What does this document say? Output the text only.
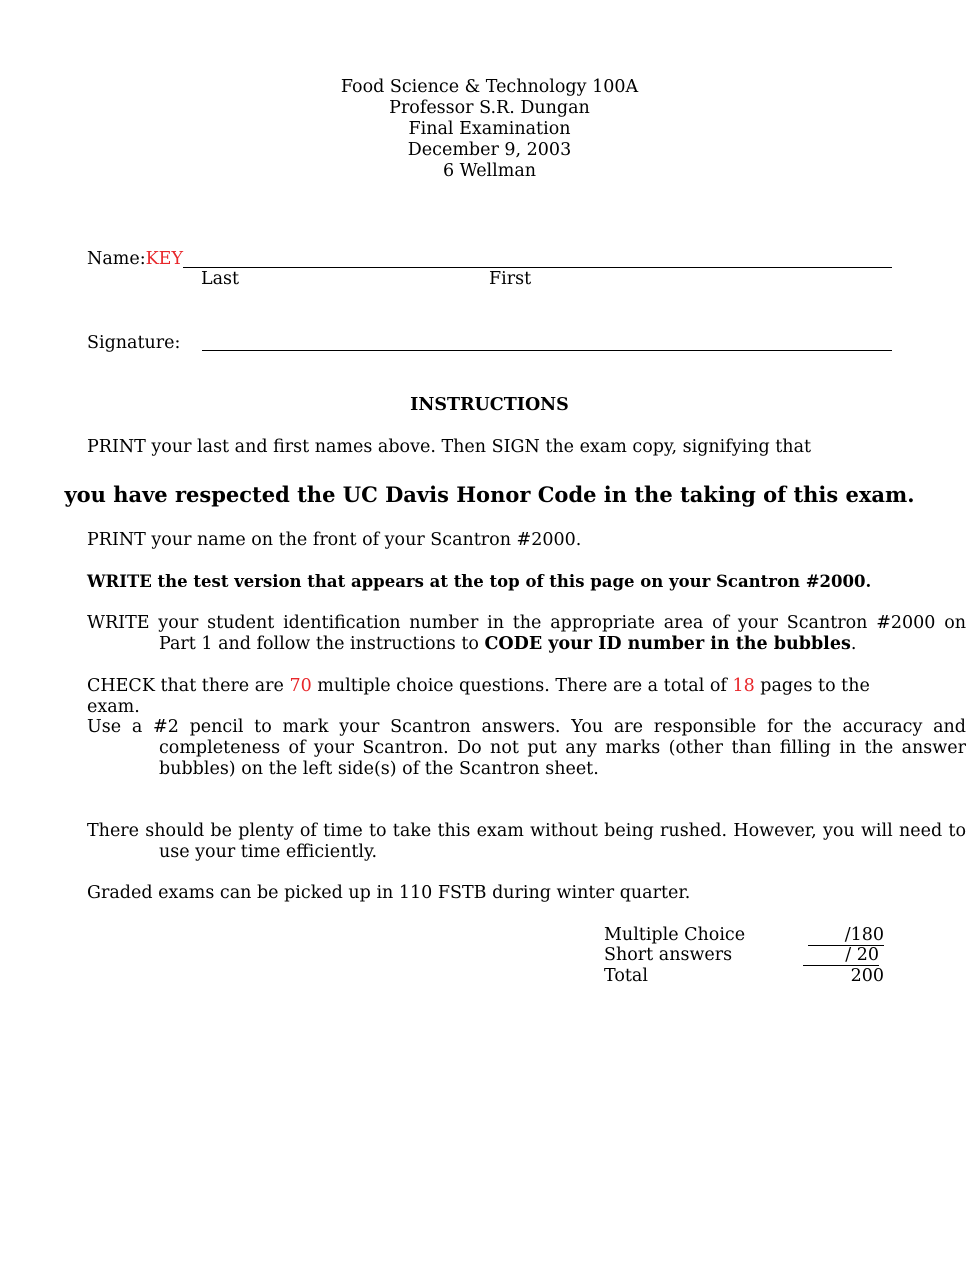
Food Science & Technology 100A
Professor S.R. Dungan
Final Examination
December 9, 2003
6 Wellman
Name:KEY
Last	First
Signature:
INSTRUCTIONS
PRINT your last and first names above. Then SIGN the exam copy, signifying that
you have respected the UC Davis Honor Code in the taking of this exam.
PRINT your name on the front of your Scantron #2000.
WRITE the test version that appears at the top of this page on your Scantron #2000.
WRITE your student identification number in the appropriate area of your Scantron #2000 on Part 1 and follow the instructions to CODE your ID number in the bubbles.
CHECK that there are 70 multiple choice questions. There are a total of 18 pages to the exam.
Use a #2 pencil to mark your Scantron answers. You are responsible for the accuracy and completeness of your Scantron. Do not put any marks (other than filling in the answer bubbles) on the left side(s) of the Scantron sheet.
There should be plenty of time to take this exam without being rushed. However, you will need to use your time efficiently.
Graded exams can be picked up in 110 FSTB during winter quarter.
Multiple Choice	/180
Short answers	/ 20
Total	200
